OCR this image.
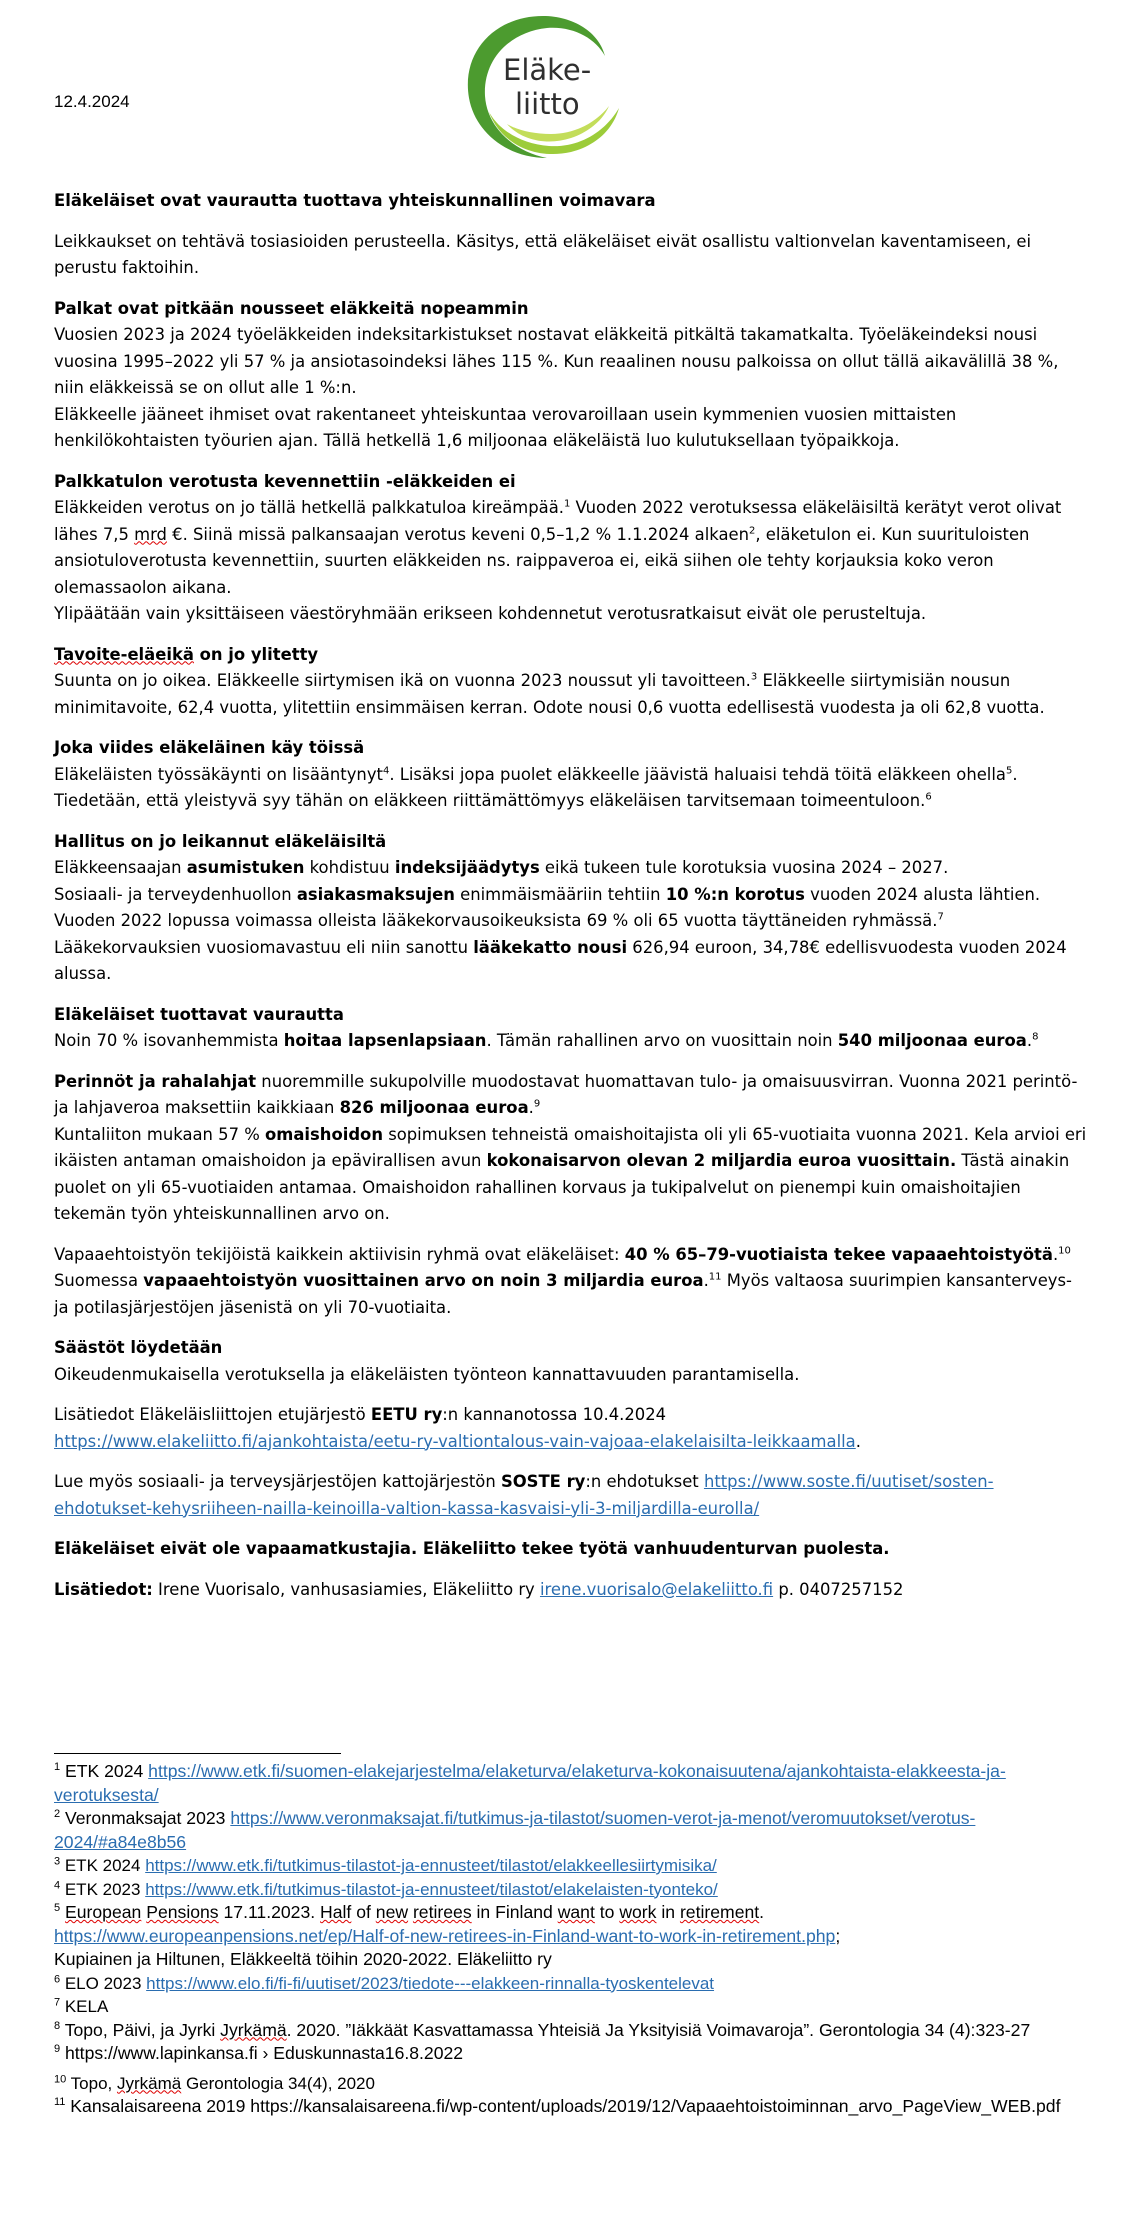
12.4.2024
Eläke-
liitto

Eläkeläiset ovat vaurautta tuottava yhteiskunnallinen voimavara

Leikkaukset on tehtävä tosiasioiden perusteella. Käsitys, että eläkeläiset eivät osallistu valtionvelan kaventamiseen, ei perustu faktoihin.

Palkat ovat pitkään nousseet eläkkeitä nopeammin
Vuosien 2023 ja 2024 työeläkkeiden indeksitarkistukset nostavat eläkkeitä pitkältä takamatkalta. Työeläkeindeksi nousi vuosina 1995–2022 yli 57 % ja ansiotasoindeksi lähes 115 %. Kun reaalinen nousu palkoissa on ollut tällä aikavälillä 38 %, niin eläkkeissä se on ollut alle 1 %:n.
Eläkkeelle jääneet ihmiset ovat rakentaneet yhteiskuntaa verovaroillaan usein kymmenien vuosien mittaisten henkilökohtaisten työurien ajan. Tällä hetkellä 1,6 miljoonaa eläkeläistä luo kulutuksellaan työpaikkoja.

Palkkatulon verotusta kevennettiin -eläkkeiden ei
Eläkkeiden verotus on jo tällä hetkellä palkkatuloa kireämpää.$^1$ Vuoden 2022 verotuksessa eläkeläisiltä kerätyt verot olivat lähes 7,5 mrd €. Siinä missä palkansaajan verotus keveni 0,5–1,2 % 1.1.2024 alkaen$^2$, eläketulon ei. Kun suurituloisten ansiotuloverotusta kevennettiin, suurten eläkkeiden ns. raippaveroa ei, eikä siihen ole tehty korjauksia koko veron olemassaolon aikana.
Ylipäätään vain yksittäiseen väestöryhmään erikseen kohdennetut verotusratkaisut eivät ole perusteltuja.

Tavoite-eläeikä on jo ylitetty
Suunta on jo oikea. Eläkkeelle siirtymisen ikä on vuonna 2023 noussut yli tavoitteen.$^3$ Eläkkeelle siirtymisiän nousun minimitavoite, 62,4 vuotta, ylitettiin ensimmäisen kerran. Odote nousi 0,6 vuotta edellisestä vuodesta ja oli 62,8 vuotta.

Joka viides eläkeläinen käy töissä
Eläkeläisten työssäkäynti on lisääntynyt$^4$. Lisäksi jopa puolet eläkkeelle jäävistä haluaisi tehdä töitä eläkkeen ohella$^5$. Tiedetään, että yleistyvä syy tähän on eläkkeen riittämättömyys eläkeläisen tarvitsemaan toimeentuloon.$^6$

Hallitus on jo leikannut eläkeläisiltä
Eläkkeensaajan asumistuken kohdistuu indeksijäädytys eikä tukeen tule korotuksia vuosina 2024 – 2027.
Sosiaali- ja terveydenhuollon asiakasmaksujen enimmäismääriin tehtiin 10 %:n korotus vuoden 2024 alusta lähtien.
Vuoden 2022 lopussa voimassa olleista lääkekorvausoikeuksista 69 % oli 65 vuotta täyttäneiden ryhmässä.$^7$
Lääkekorvauksien vuosiomavastuu eli niin sanottu lääkekatto nousi 626,94 euroon, 34,78€ edellisvuodesta vuoden 2024 alussa.

Eläkeläiset tuottavat vaurautta
Noin 70 % isovanhemmista hoitaa lapsenlapsiaan. Tämän rahallinen arvo on vuosittain noin 540 miljoonaa euroa.$^8$

Perinnöt ja rahalahjat nuoremmille sukupolville muodostavat huomattavan tulo- ja omaisuusvirran. Vuonna 2021 perintö- ja lahjaveroa maksettiin kaikkiaan 826 miljoonaa euroa.$^9$
Kuntaliiton mukaan 57 % omaishoidon sopimuksen tehneistä omaishoitajista oli yli 65-vuotiaita vuonna 2021. Kela arvioi eri ikäisten antaman omaishoidon ja epävirallisen avun kokonaisarvon olevan 2 miljardia euroa vuosittain. Tästä ainakin puolet on yli 65-vuotiaiden antamaa. Omaishoidon rahallinen korvaus ja tukipalvelut on pienempi kuin omaishoitajien tekemän työn yhteiskunnallinen arvo on.

Vapaaehtoistyön tekijöistä kaikkein aktiivisin ryhmä ovat eläkeläiset: 40 % 65–79-vuotiaista tekee vapaaehtoistyötä.$^{10}$ Suomessa vapaaehtoistyön vuosittainen arvo on noin 3 miljardia euroa.$^{11}$ Myös valtaosa suurimpien kansanterveys- ja potilasjärjestöjen jäsenistä on yli 70-vuotiaita.

Säästöt löydetään
Oikeudenmukaisella verotuksella ja eläkeläisten työnteon kannattavuuden parantamisella.

Lisätiedot Eläkeläisliittojen etujärjestö EETU ry:n kannanotossa 10.4.2024
https://www.elakeliitto.fi/ajankohtaista/eetu-ry-valtiontalous-vain-vajoaa-elakelaisilta-leikkaamalla.

Lue myös sosiaali- ja terveysjärjestöjen kattojärjestön SOSTE ry:n ehdotukset https://www.soste.fi/uutiset/sosten-ehdotukset-kehysriiheen-nailla-keinoilla-valtion-kassa-kasvaisi-yli-3-miljardilla-eurolla/

Eläkeläiset eivät ole vapaamatkustajia. Eläkeliitto tekee työtä vanhuudenturvan puolesta.

Lisätiedot: Irene Vuorisalo, vanhusasiamies, Eläkeliitto ry irene.vuorisalo@elakeliitto.fi p. 0407257152

$^1$ ETK 2024 https://www.etk.fi/suomen-elakejarjestelma/elaketurva/elaketurva-kokonaisuutena/ajankohtaista-elakkeesta-ja-verotuksesta/

$^2$ Veronmaksajat 2023 https://www.veronmaksajat.fi/tutkimus-ja-tilastot/suomen-verot-ja-menot/veromuutokset/verotus-2024/#a84e8b56

$^3$ ETK 2024 https://www.etk.fi/tutkimus-tilastot-ja-ennusteet/tilastot/elakkeellesiirtymisika/

$^4$ ETK 2023 https://www.etk.fi/tutkimus-tilastot-ja-ennusteet/tilastot/elakelaisten-tyonteko/

$^5$ European Pensions 17.11.2023. Half of new retirees in Finland want to work in retirement.
https://www.europeanpensions.net/ep/Half-of-new-retirees-in-Finland-want-to-work-in-retirement.php;
Kupiainen ja Hiltunen, Eläkkeeltä töihin 2020-2022. Eläkeliitto ry

$^6$ ELO 2023 https://www.elo.fi/fi-fi/uutiset/2023/tiedote---elakkeen-rinnalla-tyoskentelevat

$^7$ KELA

$^8$ Topo, Päivi, ja Jyrki Jyrkämä. 2020. ”Iäkkäät Kasvattamassa Yhteisiä Ja Yksityisiä Voimavaroja”. Gerontologia 34 (4):323-27

$^9$ https://www.lapinkansa.fi › Eduskunnasta16.8.2022

$^{10}$ Topo, Jyrkämä Gerontologia 34(4), 2020

$^{11}$ Kansalaisareena 2019 https://kansalaisareena.fi/wp-content/uploads/2019/12/Vapaaehtoistoiminnan_arvo_PageView_WEB.pdf
